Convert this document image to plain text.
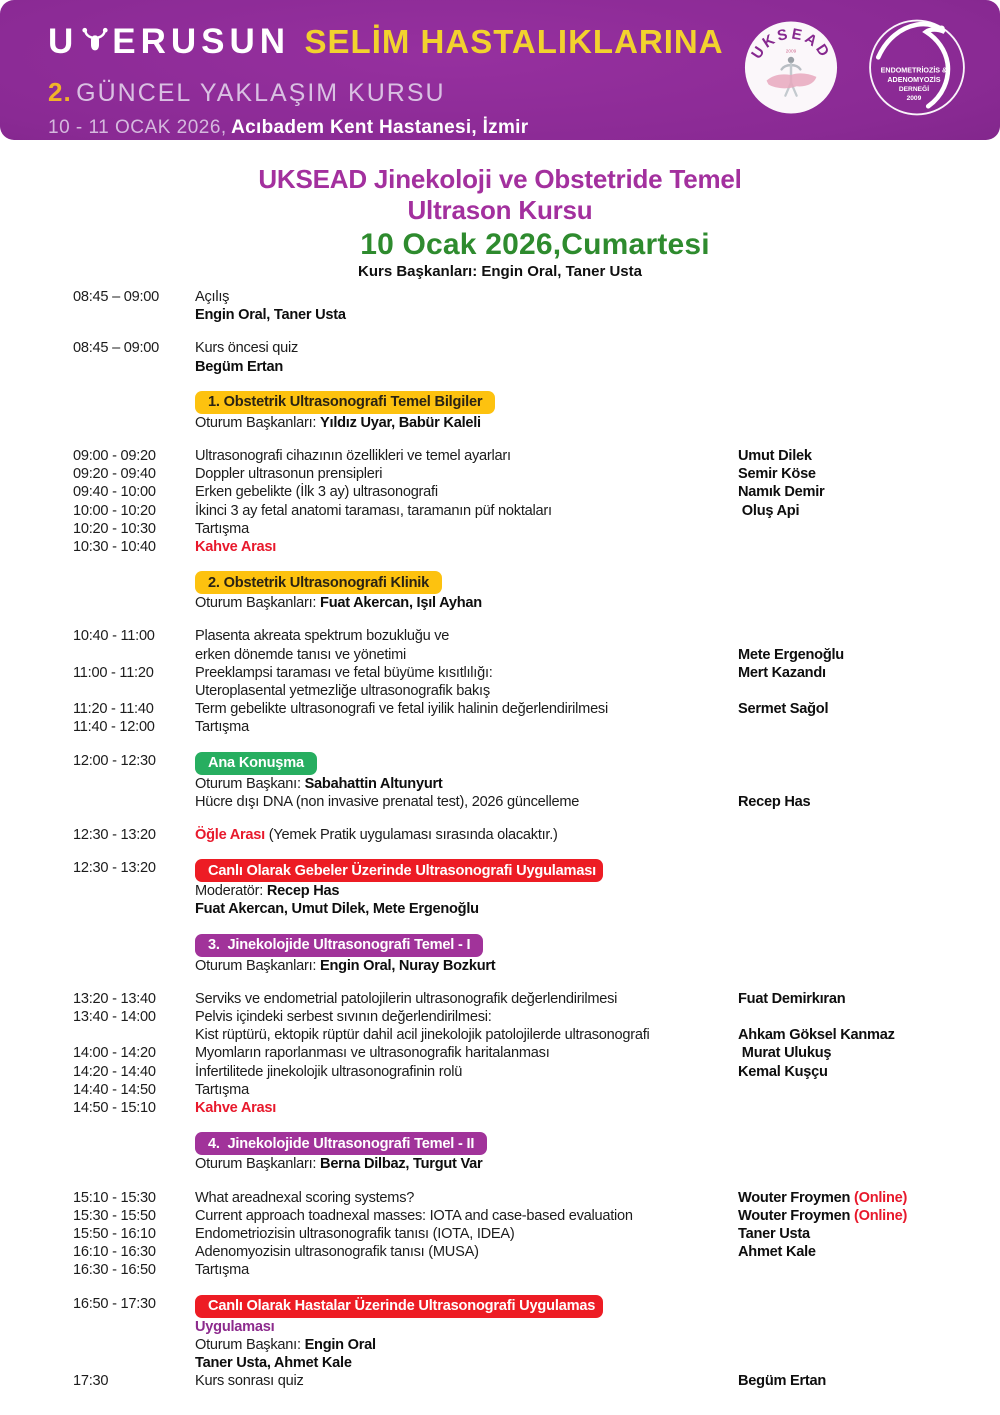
U ERUSUN SELİM HASTALIKLARINA
2. GÜNCEL YAKLAŞIM KURSU
10 - 11 OCAK 2026, Acıbadem Kent Hastanesi, İzmir
UKSEAD
2009
ENDOMETRİOZİS &
ADENOMYOZİS
DERNEĞİ
2009
UKSEAD Jinekoloji ve Obstetride Temel
Ultrason Kursu
10 Ocak 2026,Cumartesi
Kurs Başkanları: Engin Oral, Taner Usta
08:45 – 09:00	Açılış
Engin Oral, Taner Usta
08:45 – 09:00	Kurs öncesi quiz
Begüm Ertan
1. Obstetrik Ultrasonografi Temel Bilgiler
Oturum Başkanları: Yıldız Uyar, Babür Kaleli
09:00 - 09:20	Ultrasonografi cihazının özellikleri ve temel ayarları	Umut Dilek
09:20 - 09:40	Doppler ultrasonun prensipleri	Semir Köse
09:40 - 10:00	Erken gebelikte (İlk 3 ay) ultrasonografi	Namık Demir
10:00 - 10:20	İkinci 3 ay fetal anatomi taraması, taramanın püf noktaları	Oluş Api
10:20 - 10:30	Tartışma
10:30 - 10:40	Kahve Arası
2. Obstetrik Ultrasonografi Klinik
Oturum Başkanları: Fuat Akercan, Işıl Ayhan
10:40 - 11:00	Plasenta akreata spektrum bozukluğu ve
erken dönemde tanısı ve yönetimi	Mete Ergenoğlu
11:00 - 11:20	Preeklampsi taraması ve fetal büyüme kısıtlılığı:	Mert Kazandı
Uteroplasental yetmezliğe ultrasonografik bakış
11:20 - 11:40	Term gebelikte ultrasonografi ve fetal iyilik halinin değerlendirilmesi	Sermet Sağol
11:40 - 12:00	Tartışma
12:00 - 12:30	Ana Konuşma
Oturum Başkanı: Sabahattin Altunyurt
Hücre dışı DNA (non invasive prenatal test), 2026 güncelleme	Recep Has
12:30 - 13:20	Öğle Arası (Yemek Pratik uygulaması sırasında olacaktır.)
12:30 - 13:20	Canlı Olarak Gebeler Üzerinde Ultrasonografi Uygulaması
Moderatör: Recep Has
Fuat Akercan, Umut Dilek, Mete Ergenoğlu
3.  Jinekolojide Ultrasonografi Temel - I
Oturum Başkanları: Engin Oral, Nuray Bozkurt
13:20 - 13:40	Serviks ve endometrial patolojilerin ultrasonografik değerlendirilmesi	Fuat Demirkıran
13:40 - 14:00	Pelvis içindeki serbest sıvının değerlendirilmesi:
Kist rüptürü, ektopik rüptür dahil acil jinekolojik patolojilerde ultrasonografi	Ahkam Göksel Kanmaz
14:00 - 14:20	Myomların raporlanması ve ultrasonografik haritalanması	Murat Ulukuş
14:20 - 14:40	İnfertilitede jinekolojik ultrasonografinin rolü	Kemal Kuşçu
14:40 - 14:50	Tartışma
14:50 - 15:10	Kahve Arası
4.  Jinekolojide Ultrasonografi Temel - II
Oturum Başkanları: Berna Dilbaz, Turgut Var
15:10 - 15:30	What areadnexal scoring systems?	Wouter Froymen (Online)
15:30 - 15:50	Current approach toadnexal masses: IOTA and case-based evaluation	Wouter Froymen (Online)
15:50 - 16:10	Endometriozisin ultrasonografik tanısı (IOTA, IDEA)	Taner Usta
16:10 - 16:30	Adenomyozisin ultrasonografik tanısı (MUSA)	Ahmet Kale
16:30 - 16:50	Tartışma
16:50 - 17:30	Canlı Olarak Hastalar Üzerinde Ultrasonografi Uygulamas
Uygulaması
Oturum Başkanı: Engin Oral
Taner Usta, Ahmet Kale
17:30	Kurs sonrası quiz	Begüm Ertan
